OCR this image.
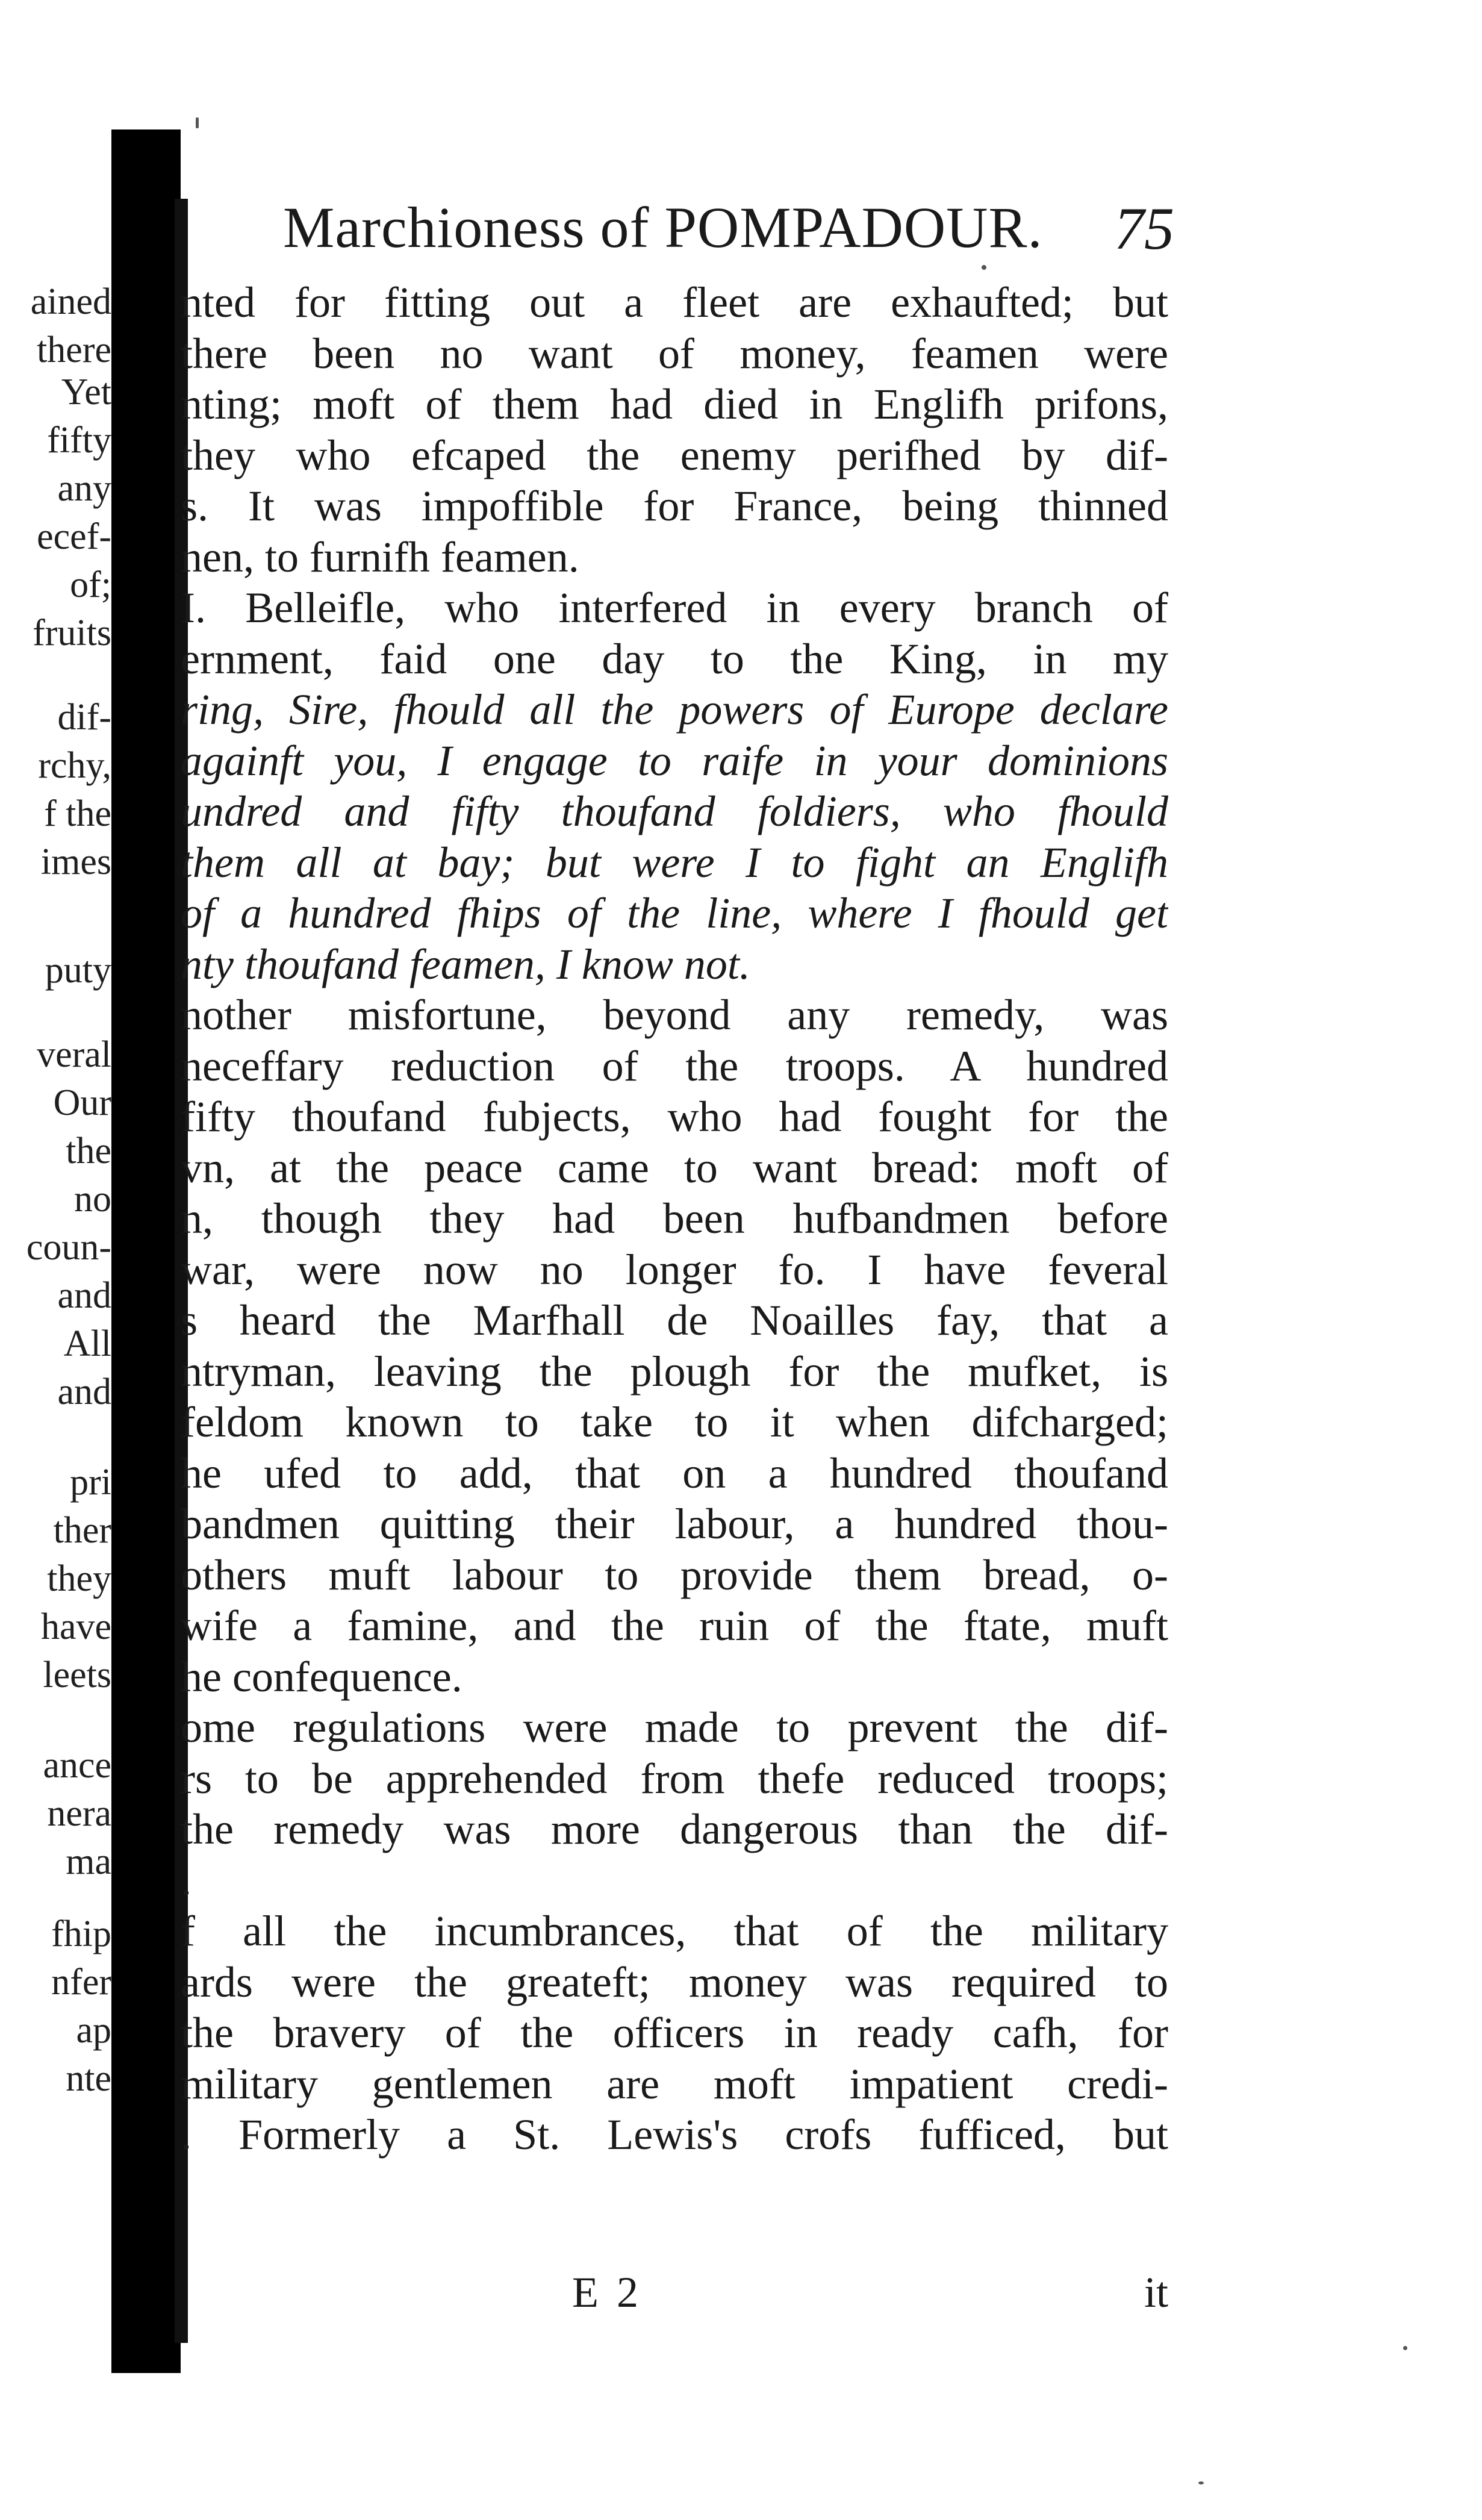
ained
there
Yet
fifty
any
ecef-
of;
fruits
dif-
rchy,
f the
imes
puty
veral
Our
the
no
coun-
and
All
and
pri
ther
they
have
leets
ance
nera
ma
fhip
nfer
ap
nte
Marchioness of POMPADOUR. 75
nted for fitting out a fleet are exhaufted; but
there been no want of money, feamen were
nting; moft of them had died in Englifh prifons,
they who efcaped the enemy perifhed by dif-
s. It was impoffible for France, being thinned
nen, to furnifh feamen.
I. Belleifle, who interfered in every branch of
ernment, faid one day to the King, in my
ring, Sire, fhould all the powers of Europe declare
againft you, I engage to raife in your dominions
undred and fifty thoufand foldiers, who fhould
them all at bay; but were I to fight an Englifh
of a hundred fhips of the line, where I fhould get
nty thoufand feamen, I know not.
nother misfortune, beyond any remedy, was
neceffary reduction of the troops. A hundred
fifty thoufand fubjects, who had fought for the
vn, at the peace came to want bread: moft of
n, though they had been hufbandmen before
war, were now no longer fo. I have feveral
s heard the Marfhall de Noailles fay, that a
ntryman, leaving the plough for the mufket, is
feldom known to take to it when difcharged;
he ufed to add, that on a hundred thoufand
bandmen quitting their labour, a hundred thou-
others muft labour to provide them bread, o-
wife a famine, and the ruin of the ftate, muft
he confequence.
ome regulations were made to prevent the dif-
rs to be apprehended from thefe reduced troops;
the remedy was more dangerous than the dif-
.
f all the incumbrances, that of the military
ards were the greateft; money was required to
the bravery of the officers in ready cafh, for
military gentlemen are moft impatient credi-
. Formerly a St. Lewis's crofs fufficed, but
E 2	it
